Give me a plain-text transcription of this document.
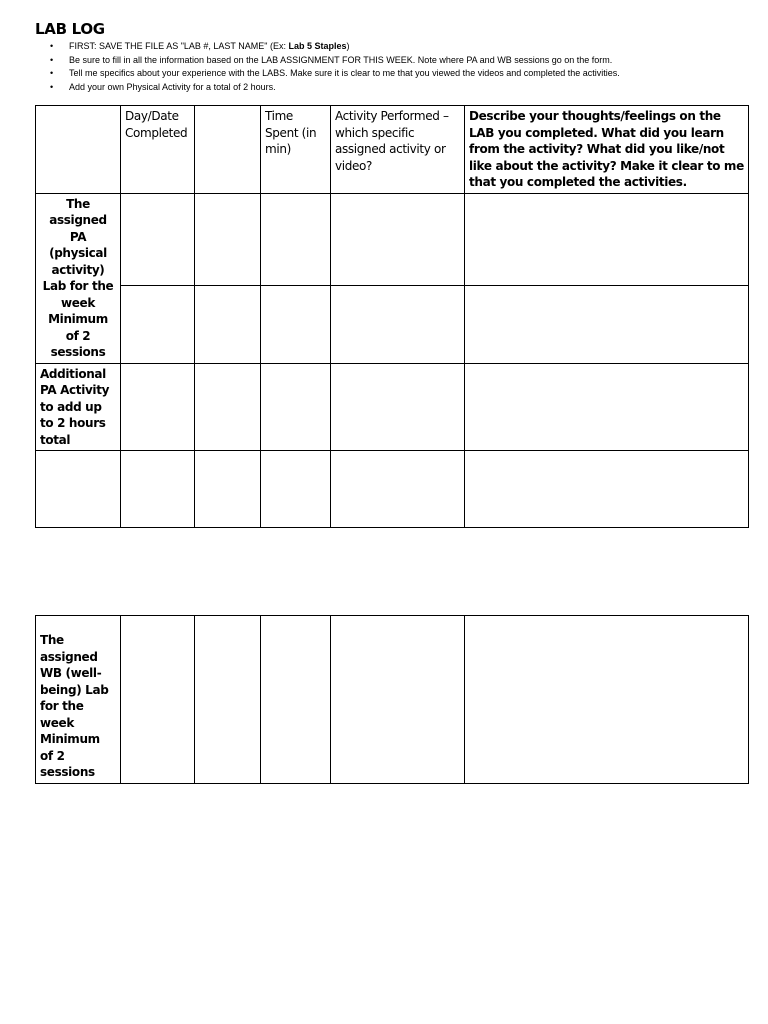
LAB LOG
• FIRST: SAVE THE FILE AS "LAB #, LAST NAME" (Ex: Lab 5 Staples)
• Be sure to fill in all the information based on the LAB ASSIGNMENT FOR THIS WEEK. Note where PA and WB sessions go on the form.
• Tell me specifics about your experience with the LABS. Make sure it is clear to me that you viewed the videos and completed the activities.
• Add your own Physical Activity for a total of 2 hours.
	Day/Date Completed		Time Spent (in min)	Activity Performed – which specific assigned activity or video?	Describe your thoughts/feelings on the LAB you completed. What did you learn from the activity? What did you like/not like about the activity? Make it clear to me that you completed the activities.
The assigned PA (physical activity) Lab for the week Minimum of 2 sessions					

Additional PA Activity to add up to 2 hours total					

The assigned WB (well-being) Lab for the week Minimum of 2 sessions
